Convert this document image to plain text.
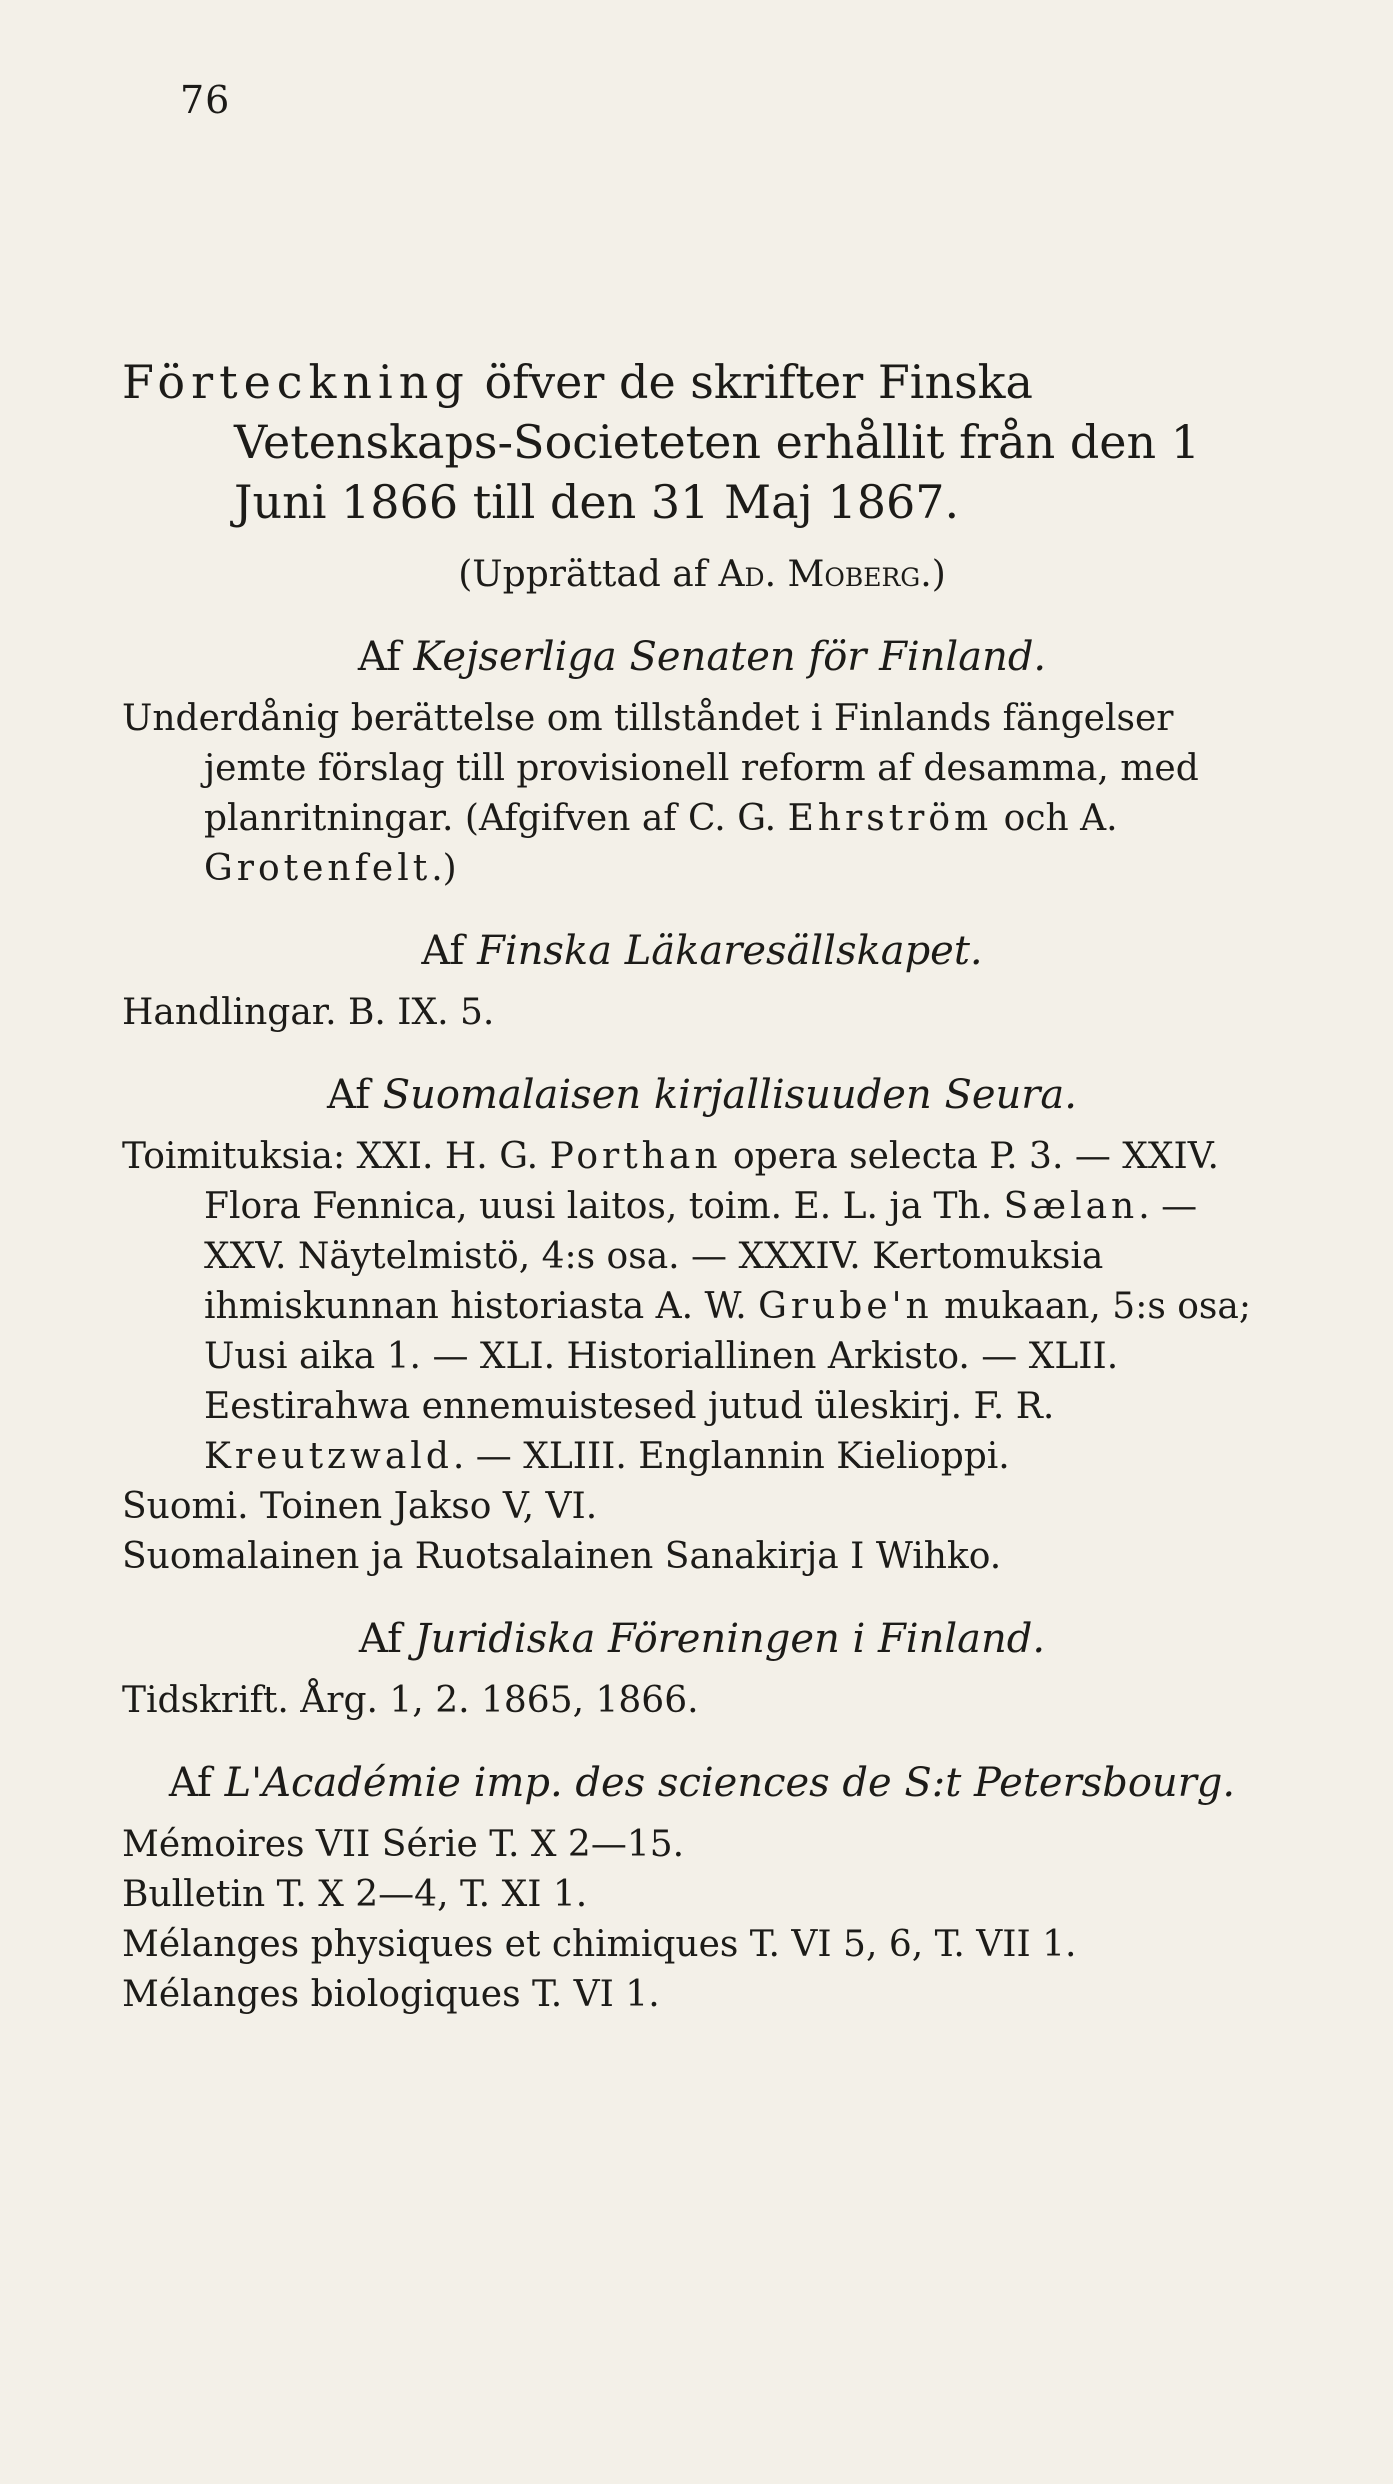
76

Förteckning öfver de skrifter Finska Vetenskaps-Societeten erhållit från den 1 Juni 1866 till den 31 Maj 1867.

(Upprättad af Ad. Moberg.)

Af Kejserliga Senaten för Finland.

Underdånig berättelse om tillståndet i Finlands fängelser jemte förslag till provisionell reform af desamma, med planritningar. (Afgifven af C. G. Ehrström och A. Grotenfelt.)

Af Finska Läkaresällskapet.

Handlingar. B. IX. 5.

Af Suomalaisen kirjallisuuden Seura.

Toimituksia: XXI. H. G. Porthan opera selecta P. 3. — XXIV. Flora Fennica, uusi laitos, toim. E. L. ja Th. Sælan. — XXV. Näytelmistö, 4:s osa. — XXXIV. Kertomuksia ihmiskunnan historiasta A. W. Grube'n mukaan, 5:s osa; Uusi aika 1. — XLI. Historiallinen Arkisto. — XLII. Eestirahwa ennemuistesed jutud üleskirj. F. R. Kreutzwald. — XLIII. Englannin Kielioppi.

Suomi. Toinen Jakso V, VI.

Suomalainen ja Ruotsalainen Sanakirja I Wihko.

Af Juridiska Föreningen i Finland.

Tidskrift. Årg. 1, 2. 1865, 1866.

Af L'Académie imp. des sciences de S:t Petersbourg.

Mémoires VII Série T. X 2—15.

Bulletin T. X 2—4, T. XI 1.

Mélanges physiques et chimiques T. VI 5, 6, T. VII 1.

Mélanges biologiques T. VI 1.
